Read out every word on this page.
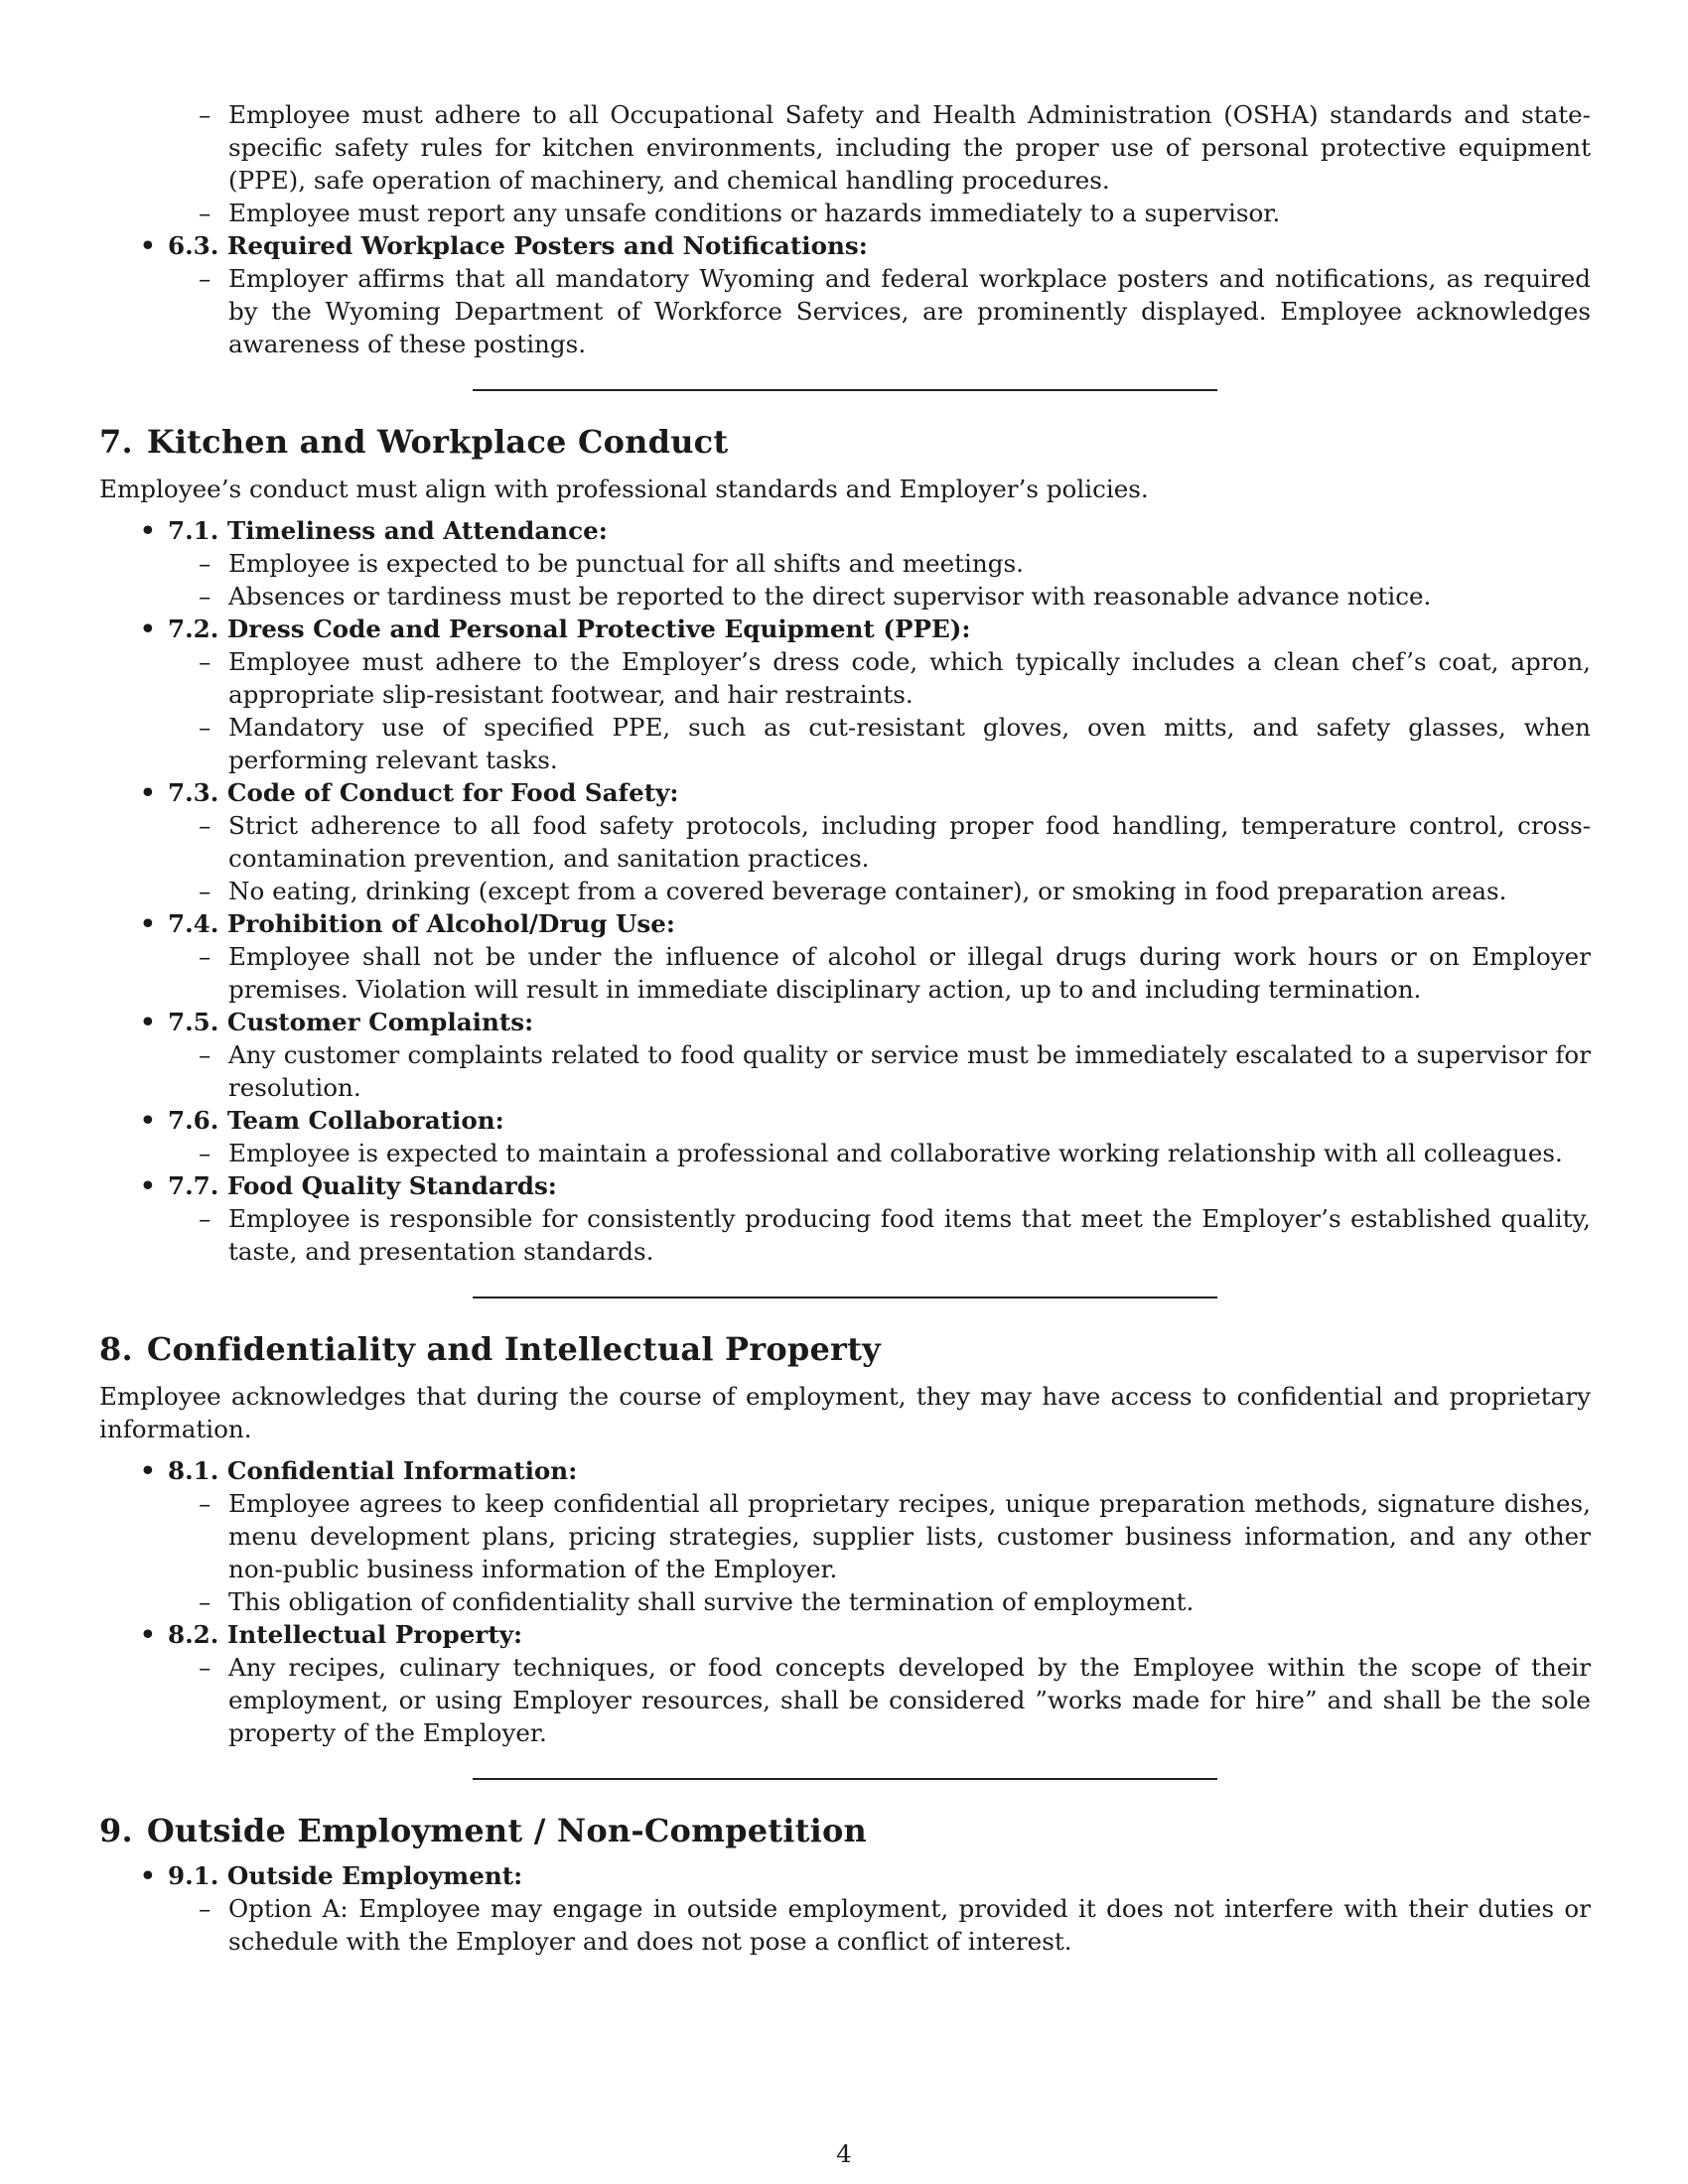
– Employee must adhere to all Occupational Safety and Health Administration (OSHA) standards and state-specific safety rules for kitchen environments, including the proper use of personal protective equipment (PPE), safe operation of machinery, and chemical handling procedures.
– Employee must report any unsafe conditions or hazards immediately to a supervisor.
• 6.3. Required Workplace Posters and Notifications:
– Employer affirms that all mandatory Wyoming and federal workplace posters and notifications, as required by the Wyoming Department of Workforce Services, are prominently displayed. Employee acknowledges awareness of these postings.
7. Kitchen and Workplace Conduct

Employee’s conduct must align with professional standards and Employer’s policies.

• 7.1. Timeliness and Attendance:
– Employee is expected to be punctual for all shifts and meetings.
– Absences or tardiness must be reported to the direct supervisor with reasonable advance notice.
• 7.2. Dress Code and Personal Protective Equipment (PPE):
– Employee must adhere to the Employer’s dress code, which typically includes a clean chef’s coat, apron, appropriate slip-resistant footwear, and hair restraints.
– Mandatory use of specified PPE, such as cut-resistant gloves, oven mitts, and safety glasses, when performing relevant tasks.
• 7.3. Code of Conduct for Food Safety:
– Strict adherence to all food safety protocols, including proper food handling, temperature control, cross-contamination prevention, and sanitation practices.
– No eating, drinking (except from a covered beverage container), or smoking in food preparation areas.
• 7.4. Prohibition of Alcohol/Drug Use:
– Employee shall not be under the influence of alcohol or illegal drugs during work hours or on Employer premises. Violation will result in immediate disciplinary action, up to and including termination.
• 7.5. Customer Complaints:
– Any customer complaints related to food quality or service must be immediately escalated to a supervisor for resolution.
• 7.6. Team Collaboration:
– Employee is expected to maintain a professional and collaborative working relationship with all colleagues.
• 7.7. Food Quality Standards:
– Employee is responsible for consistently producing food items that meet the Employer’s established quality, taste, and presentation standards.
8. Confidentiality and Intellectual Property

Employee acknowledges that during the course of employment, they may have access to confidential and proprietary information.

• 8.1. Confidential Information:
– Employee agrees to keep confidential all proprietary recipes, unique preparation methods, signature dishes, menu development plans, pricing strategies, supplier lists, customer business information, and any other non-public business information of the Employer.
– This obligation of confidentiality shall survive the termination of employment.
• 8.2. Intellectual Property:
– Any recipes, culinary techniques, or food concepts developed by the Employee within the scope of their employment, or using Employer resources, shall be considered ”works made for hire” and shall be the sole property of the Employer.
9. Outside Employment / Non-Competition
• 9.1. Outside Employment:
– Option A: Employee may engage in outside employment, provided it does not interfere with their duties or schedule with the Employer and does not pose a conflict of interest.
4
